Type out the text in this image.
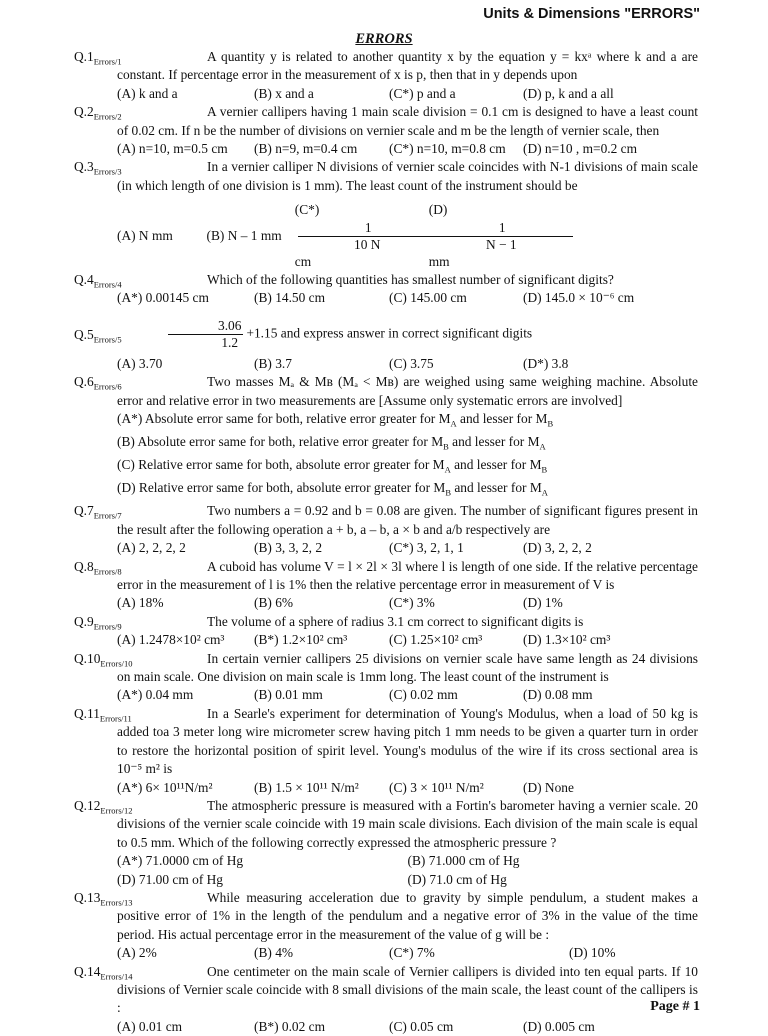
Units & Dimensions "ERRORS"
ERRORS
$Q.1_{Errors/1}$	A quantity y is related to another quantity x by the equation y = kxᵃ where k and a are constant. If percentage error in the measurement of x is p, then that in y depends upon
(A) k and a	(B) x and a	(C*) p and a	(D) p, k and a all
$Q.2_{Errors/2}$	A vernier callipers having 1 main scale division = 0.1 cm is designed to have a least count of 0.02 cm. If n be the number of divisions on vernier scale and m be the length of vernier scale, then
(A) n=10, m=0.5 cm	(B) n=9, m=0.4 cm	(C*) n=10, m=0.8 cm	(D) n=10 , m=0.2 cm
$Q.3_{Errors/3}$	In a vernier calliper N divisions of vernier scale coincides with N-1 divisions of main scale (in which length of one division is 1 mm). The least count of the instrument should be
(A) N mm	(B) N – 1 mm
(C*)
$\frac{1}{10 N}$
cm
(D)
$\frac{1}{N - 1}$
mm
$Q.4_{Errors/4}$	Which of the following quantities has smallest number of significant digits?
(A*) 0.00145 cm	(B) 14.50 cm	(C) 145.00 cm	(D) 145.0 × 10⁻⁶ cm
$Q.5_{Errors/5}$	$\frac{3.06}{1.2} +1.15$ and express answer in correct significant digits
(A) 3.70	(B) 3.7	(C) 3.75	(D*) 3.8
$Q.6_{Errors/6}$	Two masses Mₐ & Mʙ (Mₐ < Mʙ) are weighed using same weighing machine. Absolute error and relative error in two measurements are [Assume only systematic errors are involved]
(A*) Absolute error same for both, relative error greater for $M_A$ and lesser for $M_B$
(B) Absolute error same for both, relative error greater for $M_B$ and lesser for $M_A$
(C) Relative error same for both, absolute error greater for $M_A$ and lesser for $M_B$
(D) Relative error same for both, absolute error greater for $M_B$ and lesser for $M_A$
$Q.7_{Errors/7}$	Two numbers a = 0.92 and b = 0.08 are given. The number of significant figures present in the result after the following operation a + b, a – b, a × b and a/b respectively are
(A) 2, 2, 2, 2	(B) 3, 3, 2, 2	(C*) 3, 2, 1, 1	(D) 3, 2, 2, 2
$Q.8_{Errors/8}$	A cuboid has volume V = l × 2l × 3l where l is length of one side. If the relative percentage error in the measurement of l is 1% then the relative percentage error in measurement of V is
(A) 18%	(B) 6%	(C*) 3%	(D) 1%
$Q.9_{Errors/9}$	The volume of a sphere of radius 3.1 cm correct to significant digits is
(A) 1.2478×10² cm³	(B*) 1.2×10² cm³	(C) 1.25×10² cm³	(D) 1.3×10² cm³
$Q.10_{Errors/10}$	In certain vernier callipers 25 divisions on vernier scale have same length as 24 divisions on main scale. One division on main scale is 1mm long. The least count of the instrument is
(A*) 0.04 mm	(B) 0.01 mm	(C) 0.02 mm	(D) 0.08 mm
$Q.11_{Errors/11}$	In a Searle's experiment for determination of Young's Modulus, when a load of 50 kg is added toa 3 meter long wire micrometer screw having pitch 1 mm needs to be given a quarter turn in order to restore the horizontal position of spirit level. Young's modulus of the wire if its cross sectional area is 10⁻⁵ m² is
(A*) 6× 10¹¹N/m²	(B) 1.5 × 10¹¹ N/m²	(C) 3 × 10¹¹ N/m²	(D) None
$Q.12_{Errors/12}$	The atmospheric pressure is measured with a Fortin's barometer having a vernier scale. 20 divisions of the vernier scale coincide with 19 main scale divisions. Each division of the main scale is equal to 0.5 mm. Which of the following correctly expressed the atmospheric pressure ?
(A*) 71.0000 cm of Hg	(B) 71.000 cm of Hg
(D) 71.00 cm of Hg	(D) 71.0 cm of Hg
$Q.13_{Errors/13}$	While measuring acceleration due to gravity by simple pendulum, a student makes a positive error of 1% in the length of the pendulum and a negative error of 3% in the value of the time period. His actual percentage error in the measurement of the value of g will be :
(A) 2%	(B) 4%	(C*) 7%	(D) 10%
$Q.14_{Errors/14}$	One centimeter on the main scale of Vernier callipers is divided into ten equal parts. If 10 divisions of Vernier scale coincide with 8 small divisions of the main scale, the least count of the callipers is :
(A) 0.01 cm	(B*) 0.02 cm	(C) 0.05 cm	(D) 0.005 cm
Page # 1
